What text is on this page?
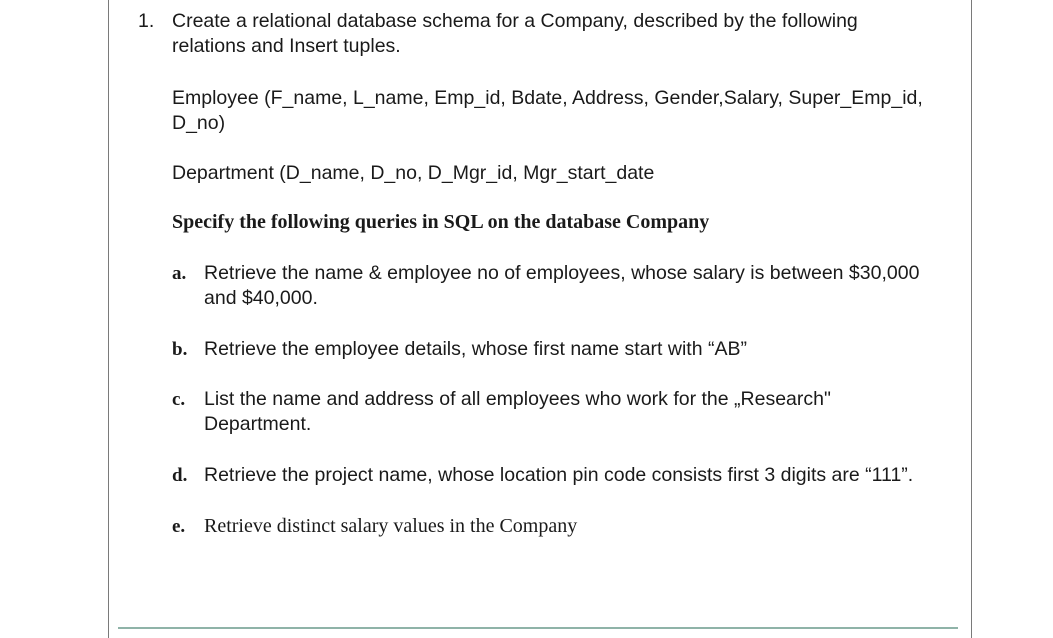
1. Create a relational database schema for a Company, described by the following relations and Insert tuples.
Employee (F_name, L_name, Emp_id, Bdate, Address, Gender,Salary, Super_Emp_id, D_no)
Department (D_name, D_no, D_Mgr_id, Mgr_start_date
Specify the following queries in SQL on the database Company
a. Retrieve the name & employee no of employees, whose salary is between $30,000 and $40,000.
b. Retrieve the employee details, whose first name start with “AB”
c. List the name and address of all employees who work for the „Research" Department.
d. Retrieve the project name, whose location pin code consists first 3 digits are “111”.
e. Retrieve distinct salary values in the Company
